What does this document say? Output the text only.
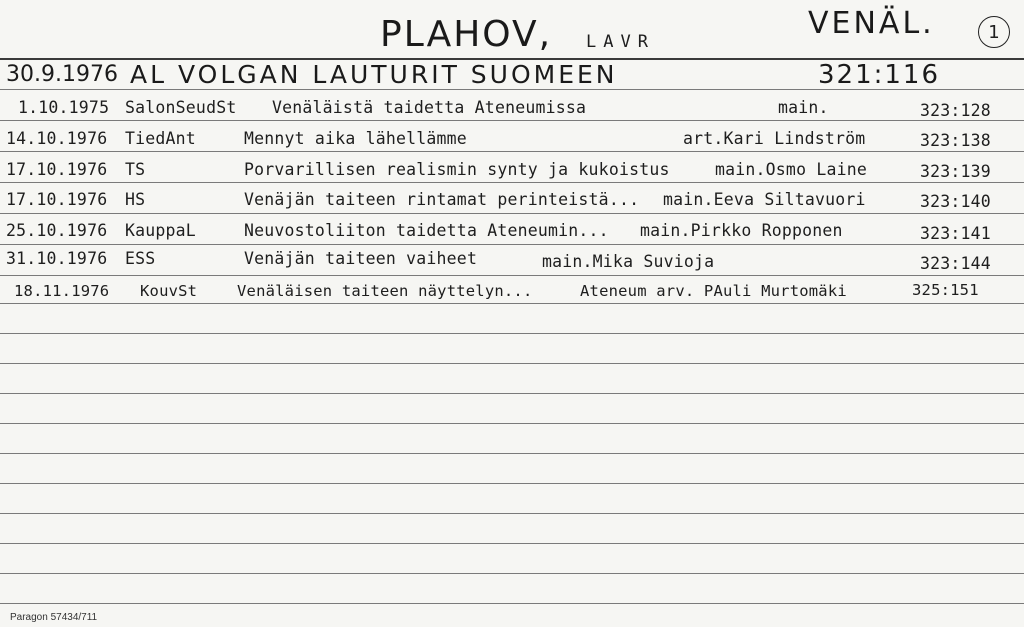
PLAHOV, LAVR
VENÄL.	1
30.9.1976 AL VOLGAN LAUTURIT SUOMEEN	321:116
1.10.1975 SalonSeudSt Venäläistä taidetta Ateneumissa	main.	323:128
14.10.1976 TiedAnt	Mennyt aika lähellämme	art.Kari Lindström	323:138
17.10.1976 TS	Porvarillisen realismin synty ja kukoistus	main.Osmo Laine	323:139
17.10.1976 HS	Venäjän taiteen rintamat perinteistä... main.Eeva Siltavuori	323:140
25.10.1976 KauppaL	Neuvostoliiton taidetta Ateneumin... main.Pirkko Ropponen	323:141
31.10.1976 ESS	Venäjän taiteen vaiheet	main.Mika Suvioja	323:144
18.11.1976 KouvSt	Venäläisen taiteen näyttelyn...	Ateneum arv. PAuli Murtomäki	325:151
Paragon 57434/711
